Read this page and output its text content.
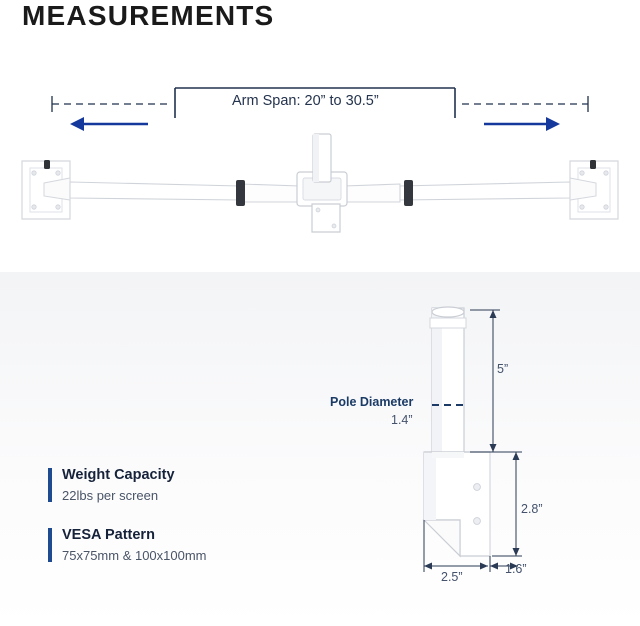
MEASUREMENTS
Arm Span: 20” to 30.5”
Pole Diameter
1.4”
5”
2.8”
1.6”
2.5”
Weight Capacity
22lbs per screen
VESA Pattern
75x75mm & 100x100mm
